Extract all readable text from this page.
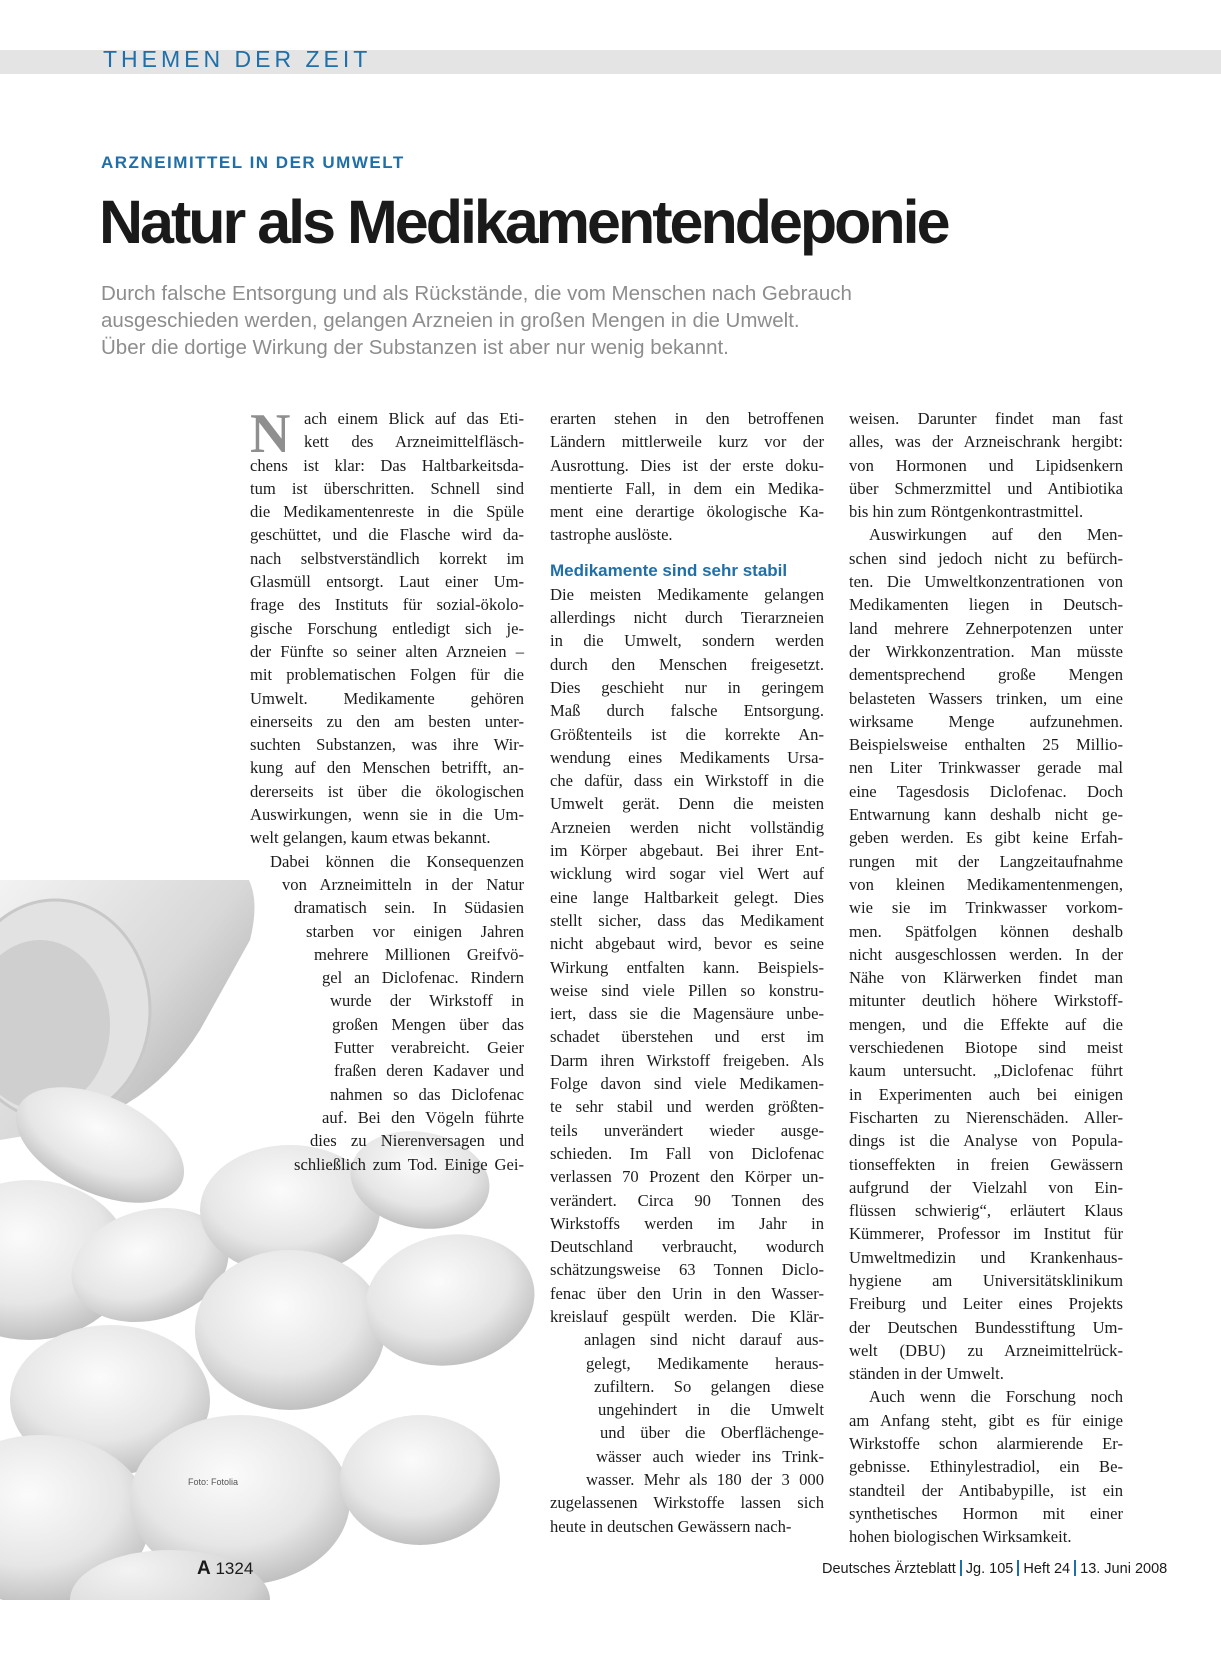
THEMEN DER ZEIT
ARZNEIMITTEL IN DER UMWELT
Natur als Medikamentendeponie
Durch falsche Entsorgung und als Rückstände, die vom Menschen nach Gebrauch
ausgeschieden werden, gelangen Arzneien in großen Mengen in die Umwelt.
Über die dortige Wirkung der Substanzen ist aber nur wenig bekannt.
Foto: Fotolia
N ach einem Blick auf das Eti-
kett des Arzneimittelfläsch-
chens ist klar: Das Haltbarkeitsda-
tum ist überschritten. Schnell sind
die Medikamentenreste in die Spüle
geschüttet, und die Flasche wird da-
nach selbstverständlich korrekt im
Glasmüll entsorgt. Laut einer Um-
frage des Instituts für sozial-ökolo-
gische Forschung entledigt sich je-
der Fünfte so seiner alten Arzneien –
mit problematischen Folgen für die
Umwelt. Medikamente gehören
einerseits zu den am besten unter-
suchten Substanzen, was ihre Wir-
kung auf den Menschen betrifft, an-
dererseits ist über die ökologischen
Auswirkungen, wenn sie in die Um-
welt gelangen, kaum etwas bekannt.
Dabei können die Konsequenzen
von Arzneimitteln in der Natur
dramatisch sein. In Südasien
starben vor einigen Jahren
mehrere Millionen Greifvö-
gel an Diclofenac. Rindern
wurde der Wirkstoff in
großen Mengen über das
Futter verabreicht. Geier
fraßen deren Kadaver und
nahmen so das Diclofenac
auf. Bei den Vögeln führte
dies zu Nierenversagen und
schließlich zum Tod. Einige Gei-
erarten stehen in den betroffenen
Ländern mittlerweile kurz vor der
Ausrottung. Dies ist der erste doku-
mentierte Fall, in dem ein Medika-
ment eine derartige ökologische Ka-
tastrophe auslöste.
Medikamente sind sehr stabil
Die meisten Medikamente gelangen
allerdings nicht durch Tierarzneien
in die Umwelt, sondern werden
durch den Menschen freigesetzt.
Dies geschieht nur in geringem
Maß durch falsche Entsorgung.
Größtenteils ist die korrekte An-
wendung eines Medikaments Ursa-
che dafür, dass ein Wirkstoff in die
Umwelt gerät. Denn die meisten
Arzneien werden nicht vollständig
im Körper abgebaut. Bei ihrer Ent-
wicklung wird sogar viel Wert auf
eine lange Haltbarkeit gelegt. Dies
stellt sicher, dass das Medikament
nicht abgebaut wird, bevor es seine
Wirkung entfalten kann. Beispiels-
weise sind viele Pillen so konstru-
iert, dass sie die Magensäure unbe-
schadet überstehen und erst im
Darm ihren Wirkstoff freigeben. Als
Folge davon sind viele Medikamen-
te sehr stabil und werden größten-
teils unverändert wieder ausge-
schieden. Im Fall von Diclofenac
verlassen 70 Prozent den Körper un-
verändert. Circa 90 Tonnen des
Wirkstoffs werden im Jahr in
Deutschland verbraucht, wodurch
schätzungsweise 63 Tonnen Diclo-
fenac über den Urin in den Wasser-
kreislauf gespült werden. Die Klär-
anlagen sind nicht darauf aus-
gelegt, Medikamente heraus-
zufiltern. So gelangen diese
ungehindert in die Umwelt
und über die Oberflächenge-
wässer auch wieder ins Trink-
wasser. Mehr als 180 der 3 000
zugelassenen Wirkstoffe lassen sich
heute in deutschen Gewässern nach-
weisen. Darunter findet man fast
alles, was der Arzneischrank hergibt:
von Hormonen und Lipidsenkern
über Schmerzmittel und Antibiotika
bis hin zum Röntgenkontrastmittel.
Auswirkungen auf den Men-
schen sind jedoch nicht zu befürch-
ten. Die Umweltkonzentrationen von
Medikamenten liegen in Deutsch-
land mehrere Zehnerpotenzen unter
der Wirkkonzentration. Man müsste
dementsprechend große Mengen
belasteten Wassers trinken, um eine
wirksame Menge aufzunehmen.
Beispielsweise enthalten 25 Millio-
nen Liter Trinkwasser gerade mal
eine Tagesdosis Diclofenac. Doch
Entwarnung kann deshalb nicht ge-
geben werden. Es gibt keine Erfah-
rungen mit der Langzeitaufnahme
von kleinen Medikamentenmengen,
wie sie im Trinkwasser vorkom-
men. Spätfolgen können deshalb
nicht ausgeschlossen werden. In der
Nähe von Klärwerken findet man
mitunter deutlich höhere Wirkstoff-
mengen, und die Effekte auf die
verschiedenen Biotope sind meist
kaum untersucht. „Diclofenac führt
in Experimenten auch bei einigen
Fischarten zu Nierenschäden. Aller-
dings ist die Analyse von Popula-
tionseffekten in freien Gewässern
aufgrund der Vielzahl von Ein-
flüssen schwierig“, erläutert Klaus
Kümmerer, Professor im Institut für
Umweltmedizin und Krankenhaus-
hygiene am Universitätsklinikum
Freiburg und Leiter eines Projekts
der Deutschen Bundesstiftung Um-
welt (DBU) zu Arzneimittelrück-
ständen in der Umwelt.
Auch wenn die Forschung noch
am Anfang steht, gibt es für einige
Wirkstoffe schon alarmierende Er-
gebnisse. Ethinylestradiol, ein Be-
standteil der Antibabypille, ist ein
synthetisches Hormon mit einer
hohen biologischen Wirksamkeit.
A 1324	Deutsches Ärzteblatt Jg. 105 Heft 24 13. Juni 2008
